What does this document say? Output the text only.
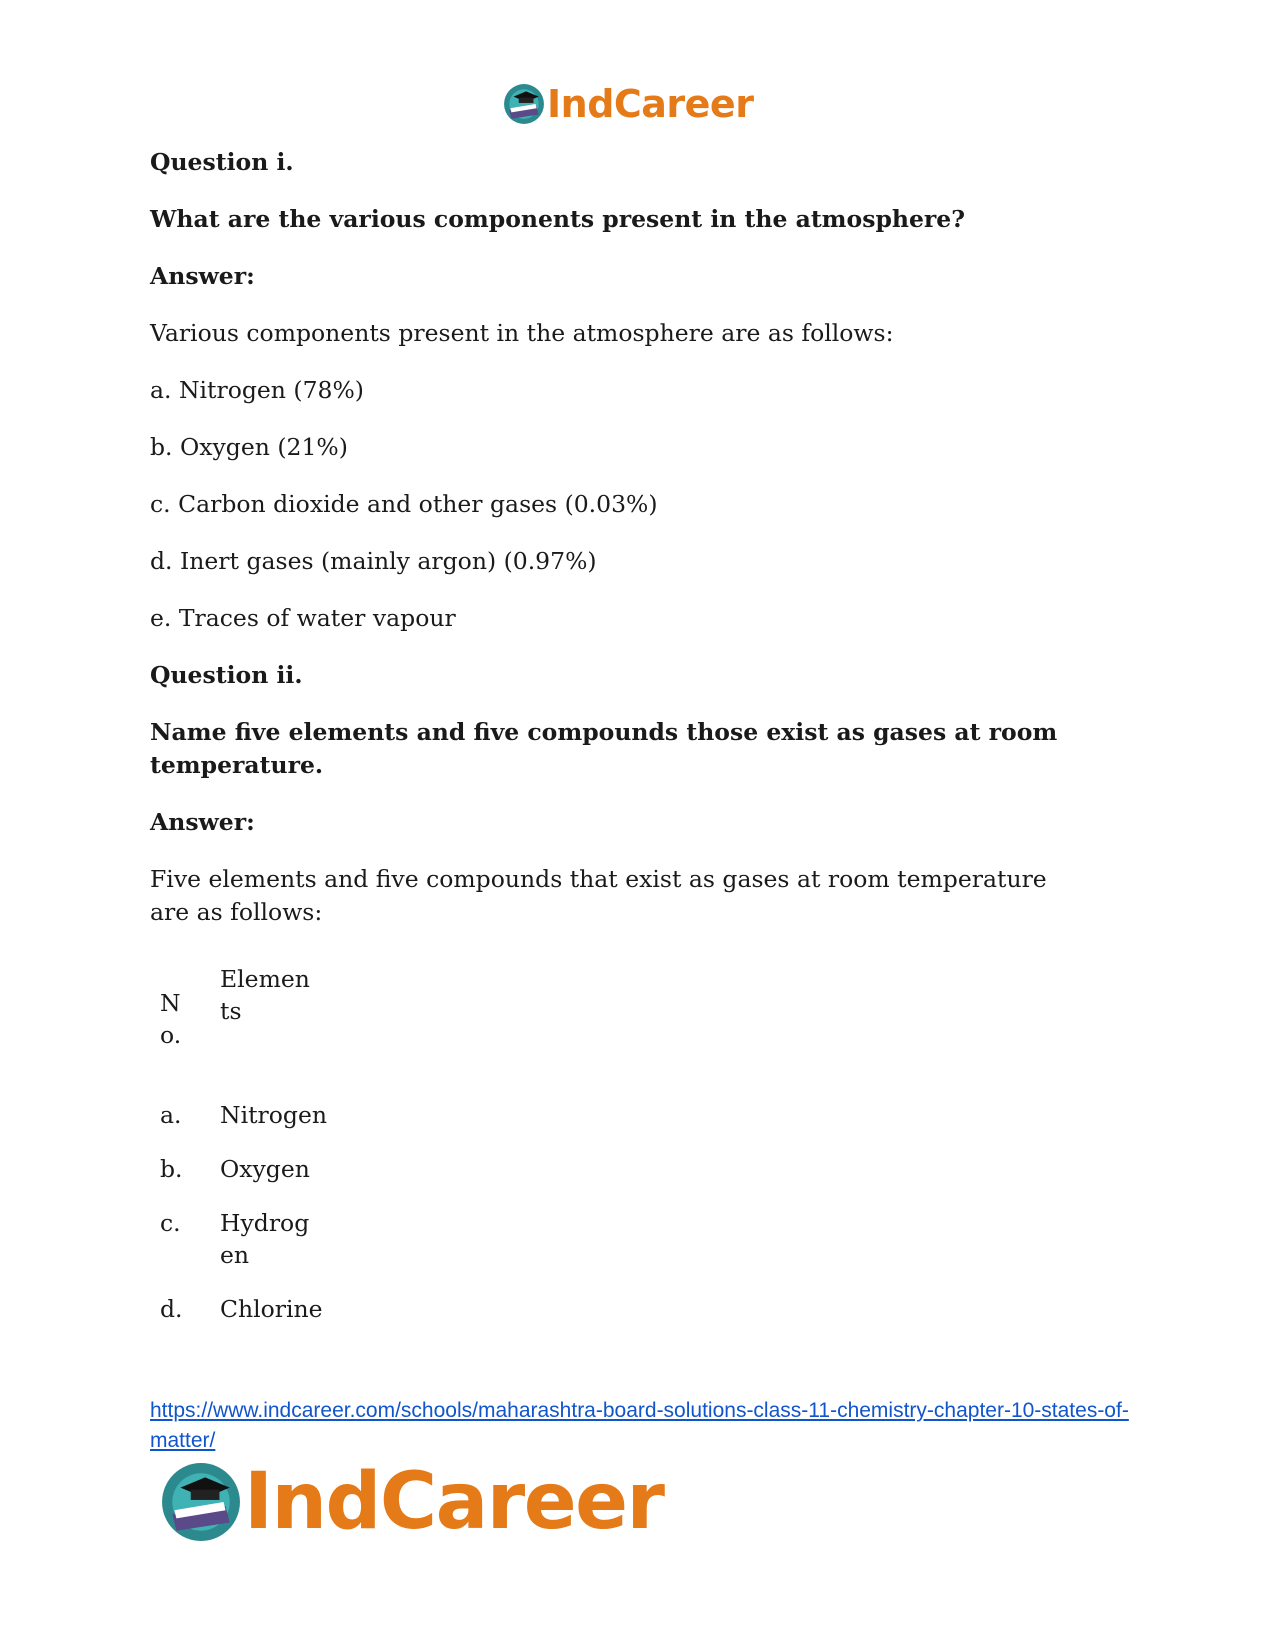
IndCareer
Question i.
What are the various components present in the atmosphere?
Answer:
Various components present in the atmosphere are as follows:
a. Nitrogen (78%)
b. Oxygen (21%)
c. Carbon dioxide and other gases (0.03%)
d. Inert gases (mainly argon) (0.97%)
e. Traces of water vapour
Question ii.
Name five elements and five compounds those exist as gases at room temperature.
Answer:
Five elements and five compounds that exist as gases at room temperature are as follows:
No.
Elements
a. Nitrogen
b. Oxygen
c. Hydrogen
d. Chlorine
https://www.indcareer.com/schools/maharashtra-board-solutions-class-11-chemistry-chapter-10-states-of-matter/
IndCareer
